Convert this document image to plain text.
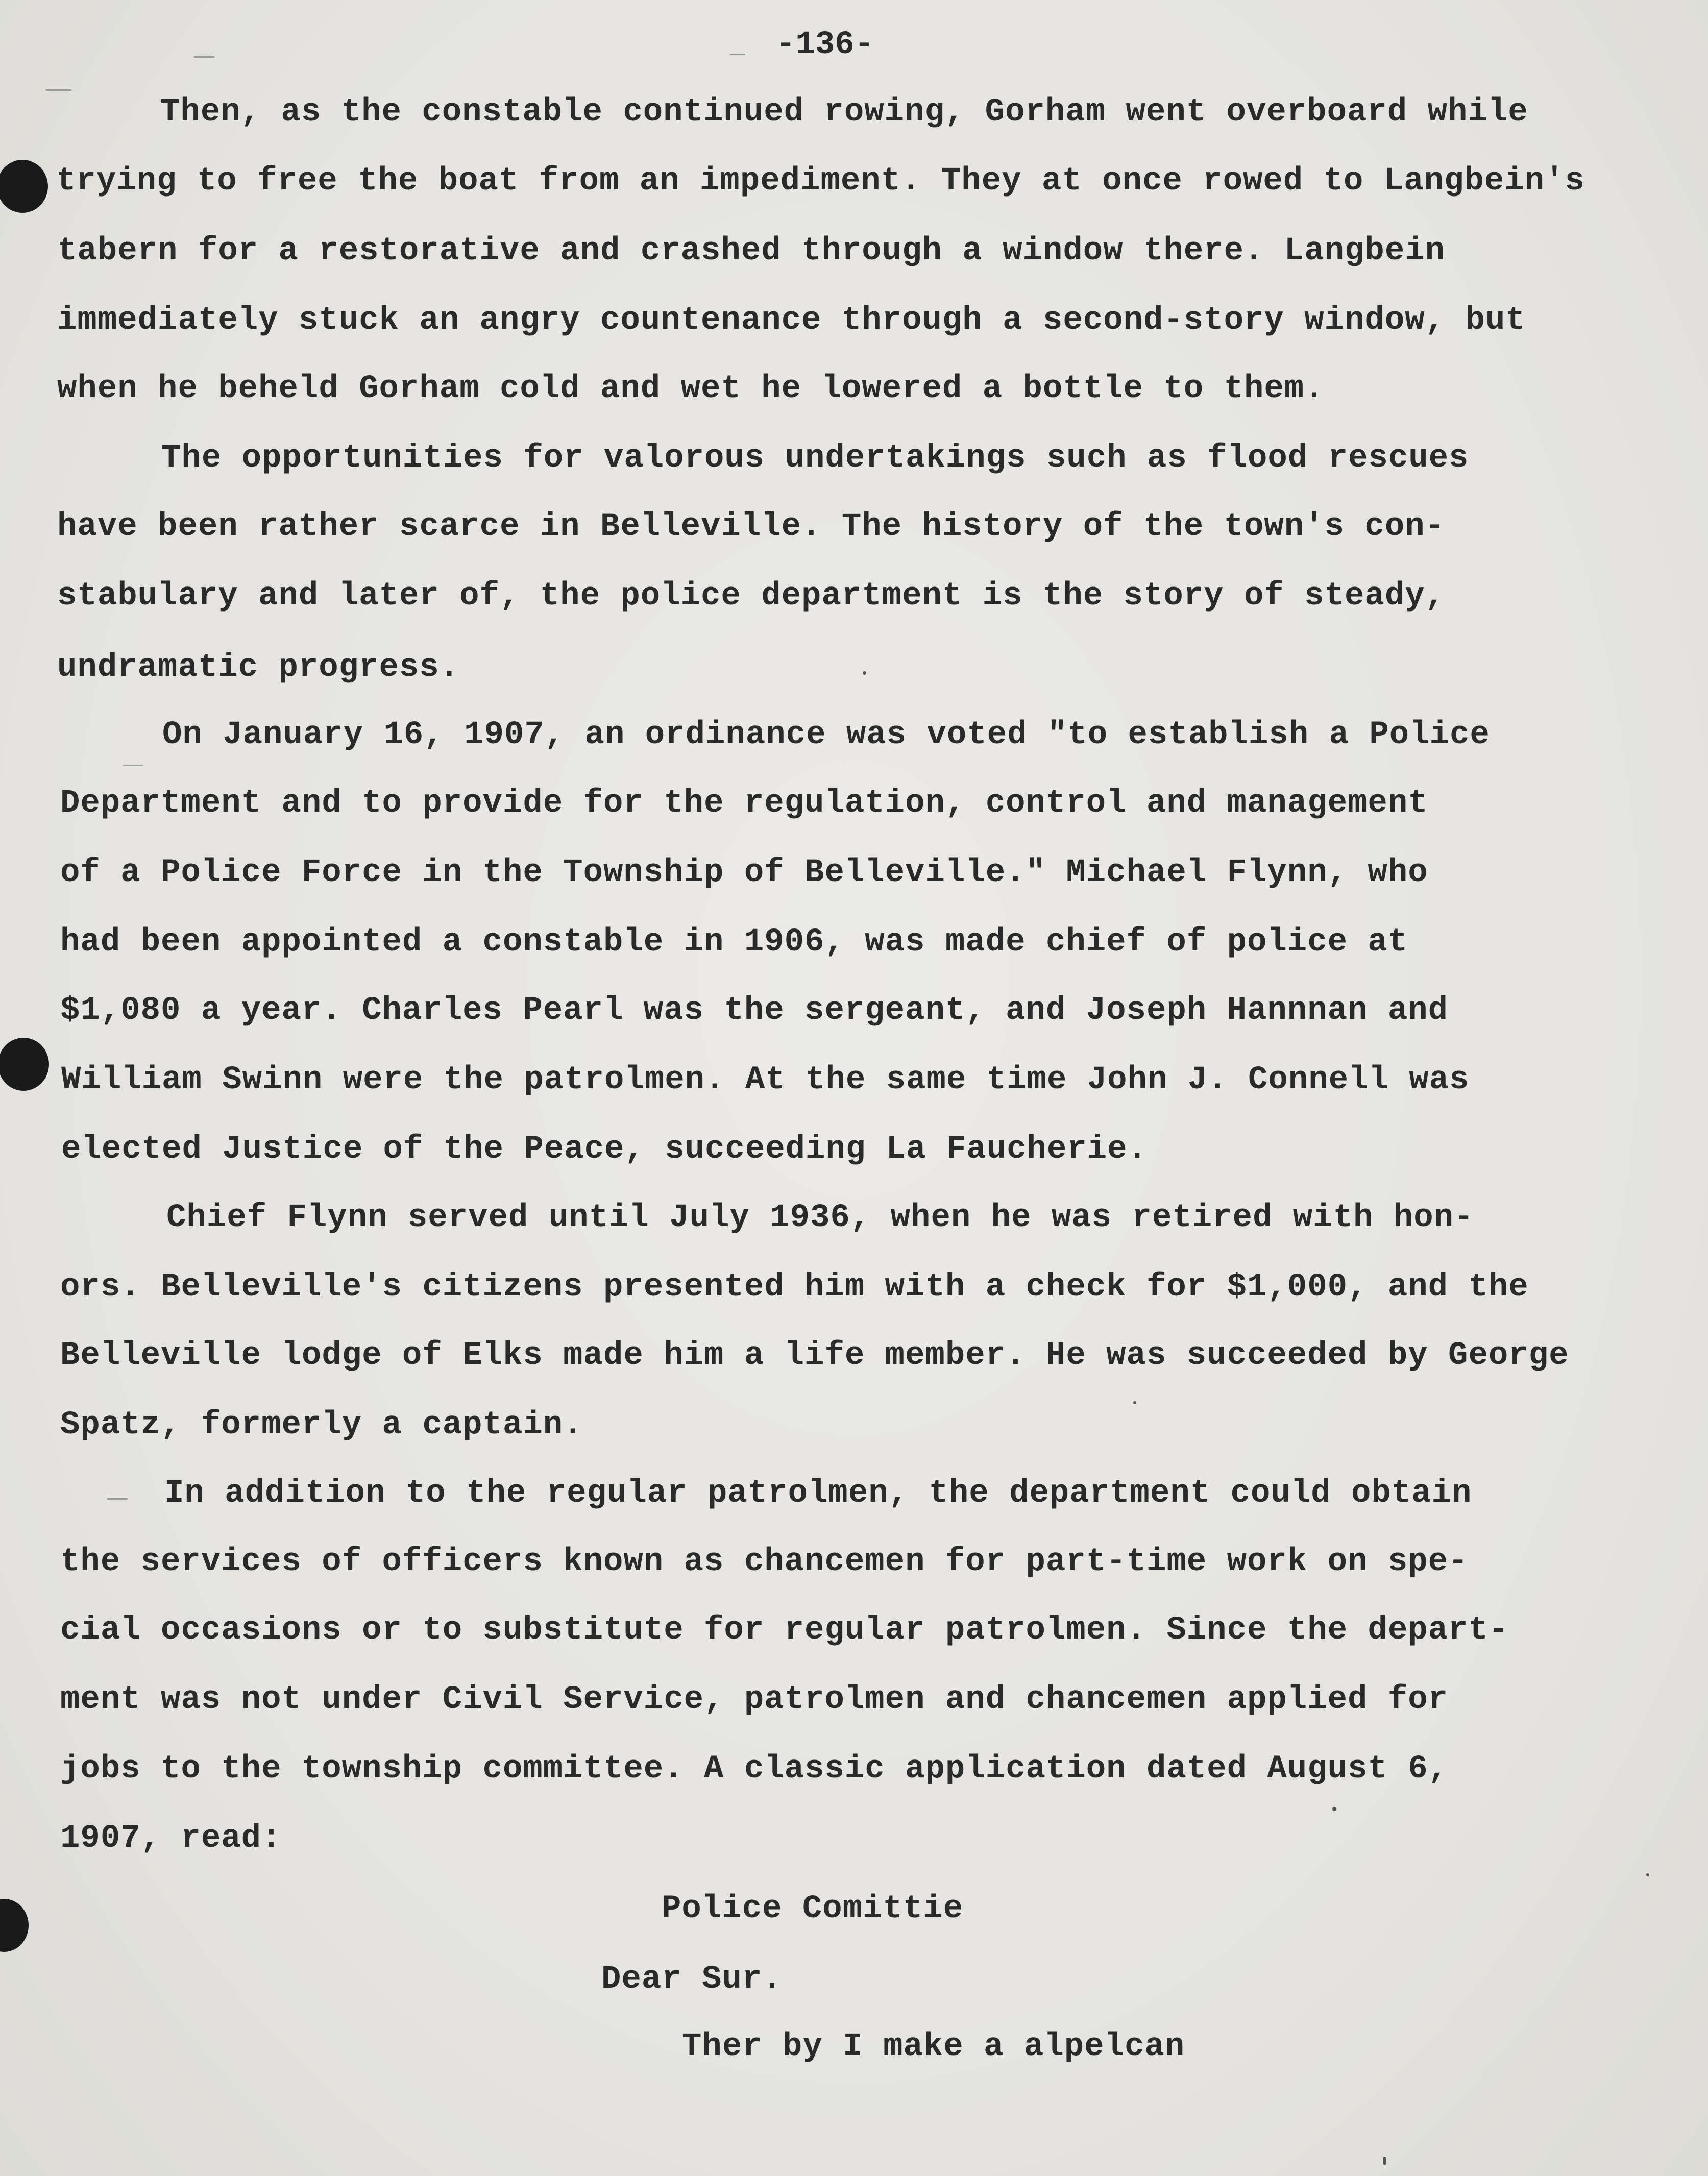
-136-
Then, as the constable continued rowing, Gorham went overboard while
trying to free the boat from an impediment. They at once rowed to Langbein's
tabern for a restorative and crashed through a window there. Langbein
immediately stuck an angry countenance through a second-story window, but
when he beheld Gorham cold and wet he lowered a bottle to them.
The opportunities for valorous undertakings such as flood rescues
have been rather scarce in Belleville. The history of the town's con-
stabulary and later of, the police department is the story of steady,
undramatic progress.
On January 16, 1907, an ordinance was voted "to establish a Police
Department and to provide for the regulation, control and management
of a Police Force in the Township of Belleville." Michael Flynn, who
had been appointed a constable in 1906, was made chief of police at
$1,080 a year. Charles Pearl was the sergeant, and Joseph Hannnan and
William Swinn were the patrolmen. At the same time John J. Connell was
elected Justice of the Peace, succeeding La Faucherie.
Chief Flynn served until July 1936, when he was retired with hon-
ors. Belleville's citizens presented him with a check for $1,000, and the
Belleville lodge of Elks made him a life member. He was succeeded by George
Spatz, formerly a captain.
In addition to the regular patrolmen, the department could obtain
the services of officers known as chancemen for part-time work on spe-
cial occasions or to substitute for regular patrolmen. Since the depart-
ment was not under Civil Service, patrolmen and chancemen applied for
jobs to the township committee. A classic application dated August 6,
1907, read:
Police Comittie
Dear Sur.
Ther by I make a alpelcan
